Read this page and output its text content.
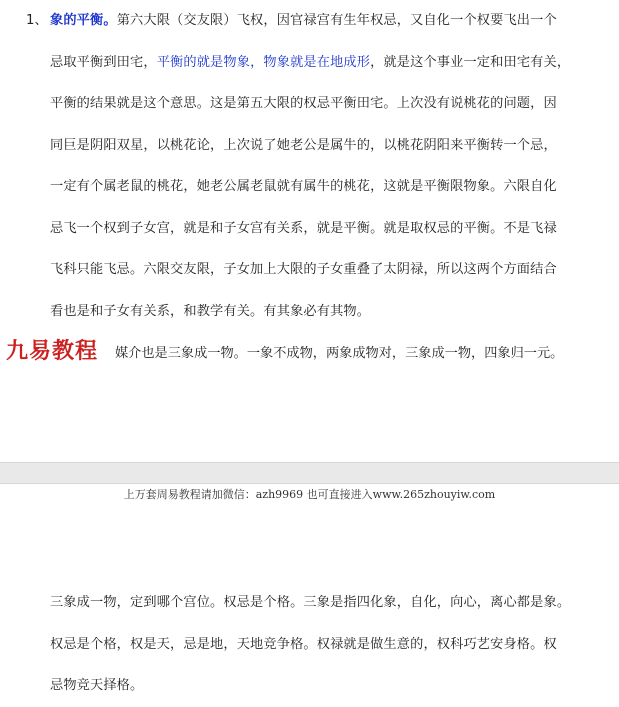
1、 象的平衡。第六大限（交友限）飞权，因官禄宫有生年权忌，又自化一个权要飞出一个
忌取平衡到田宅，平衡的就是物象，物象就是在地成形，就是这个事业一定和田宅有关，
平衡的结果就是这个意思。这是第五大限的权忌平衡田宅。上次没有说桃花的问题，因
同巨是阴阳双星，以桃花论，上次说了她老公是属牛的，以桃花阴阳来平衡转一个忌，
一定有个属老鼠的桃花，她老公属老鼠就有属牛的桃花，这就是平衡限物象。六限自化
忌飞一个权到子女宫，就是和子女宫有关系，就是平衡。就是取权忌的平衡。不是飞禄
飞科只能飞忌。六限交友限，子女加上大限的子女重叠了太阴禄，所以这两个方面结合
看也是和子女有关系，和教学有关。有其象必有其物。
九易教程 媒介也是三象成一物。一象不成物，两象成物对，三象成一物，四象归一元。
上万套周易教程请加微信：azh9969 也可直接进入www.265zhouyiw.com
三象成一物，定到哪个宫位。权忌是个格。三象是指四化象，自化，向心，离心都是象。
权忌是个格，权是天，忌是地，天地竞争格。权禄就是做生意的，权科巧艺安身格。权
忌物竞天择格。
